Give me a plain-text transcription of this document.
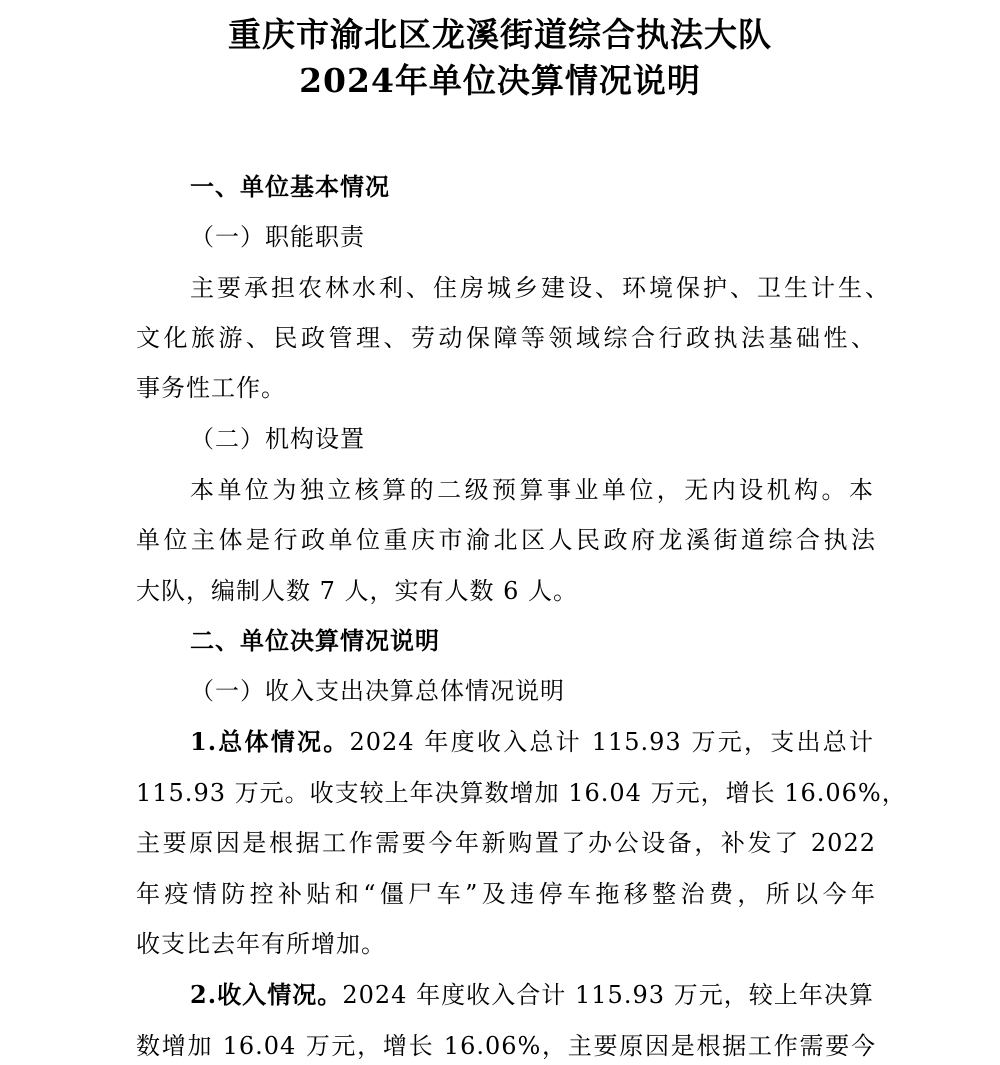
重庆市渝北区龙溪街道综合执法大队
2024年单位决算情况说明
一、单位基本情况
（一）职能职责
主要承担农林水利、住房城乡建设、环境保护、卫生计生、
文化旅游、民政管理、劳动保障等领域综合行政执法基础性、
事务性工作。
（二）机构设置
本单位为独立核算的二级预算事业单位，无内设机构。本
单位主体是行政单位重庆市渝北区人民政府龙溪街道综合执法
大队，编制人数 7 人，实有人数 6 人。
二、单位决算情况说明
（一）收入支出决算总体情况说明
1.总体情况。2024 年度收入总计 115.93 万元，支出总计
115.93 万元。收支较上年决算数增加 16.04 万元，增长 16.06%，
主要原因是根据工作需要今年新购置了办公设备，补发了 2022
年疫情防控补贴和“僵尸车”及违停车拖移整治费，所以今年
收支比去年有所增加。
2.收入情况。2024 年度收入合计 115.93 万元，较上年决算
数增加 16.04 万元，增长 16.06%，主要原因是根据工作需要今
